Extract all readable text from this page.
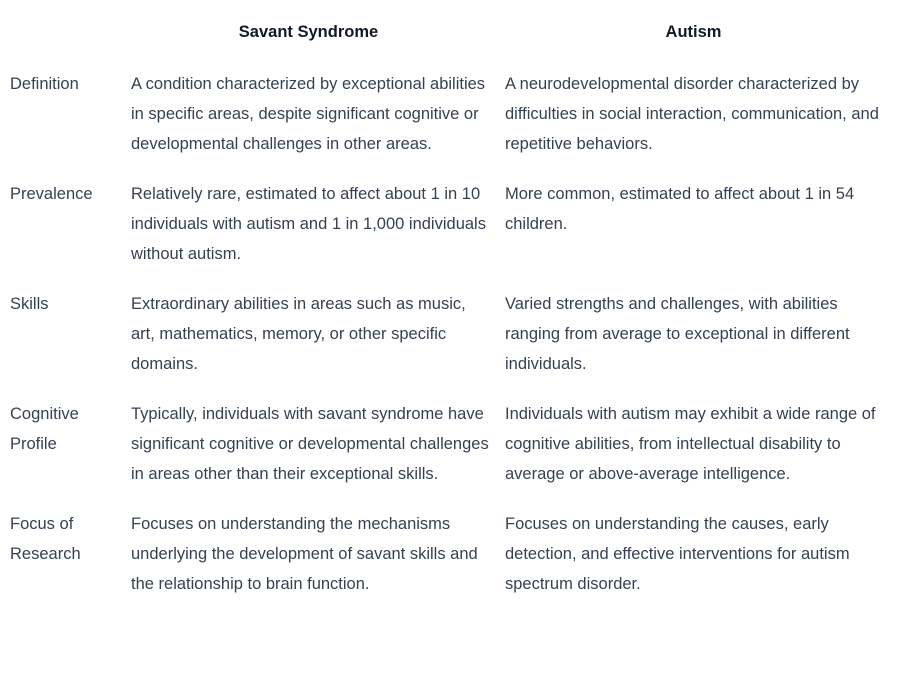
	Savant Syndrome	Autism
Definition	A condition characterized by exceptional abilities in specific areas, despite significant cognitive or developmental challenges in other areas.	A neurodevelopmental disorder characterized by difficulties in social interaction, communication, and repetitive behaviors.
Prevalence	Relatively rare, estimated to affect about 1 in 10 individuals with autism and 1 in 1,000 individuals without autism.	More common, estimated to affect about 1 in 54 children.
Skills	Extraordinary abilities in areas such as music, art, mathematics, memory, or other specific domains.	Varied strengths and challenges, with abilities ranging from average to exceptional in different individuals.
Cognitive Profile	Typically, individuals with savant syndrome have significant cognitive or developmental challenges in areas other than their exceptional skills.	Individuals with autism may exhibit a wide range of cognitive abilities, from intellectual disability to average or above-average intelligence.
Focus of Research	Focuses on understanding the mechanisms underlying the development of savant skills and the relationship to brain function.	Focuses on understanding the causes, early detection, and effective interventions for autism spectrum disorder.
